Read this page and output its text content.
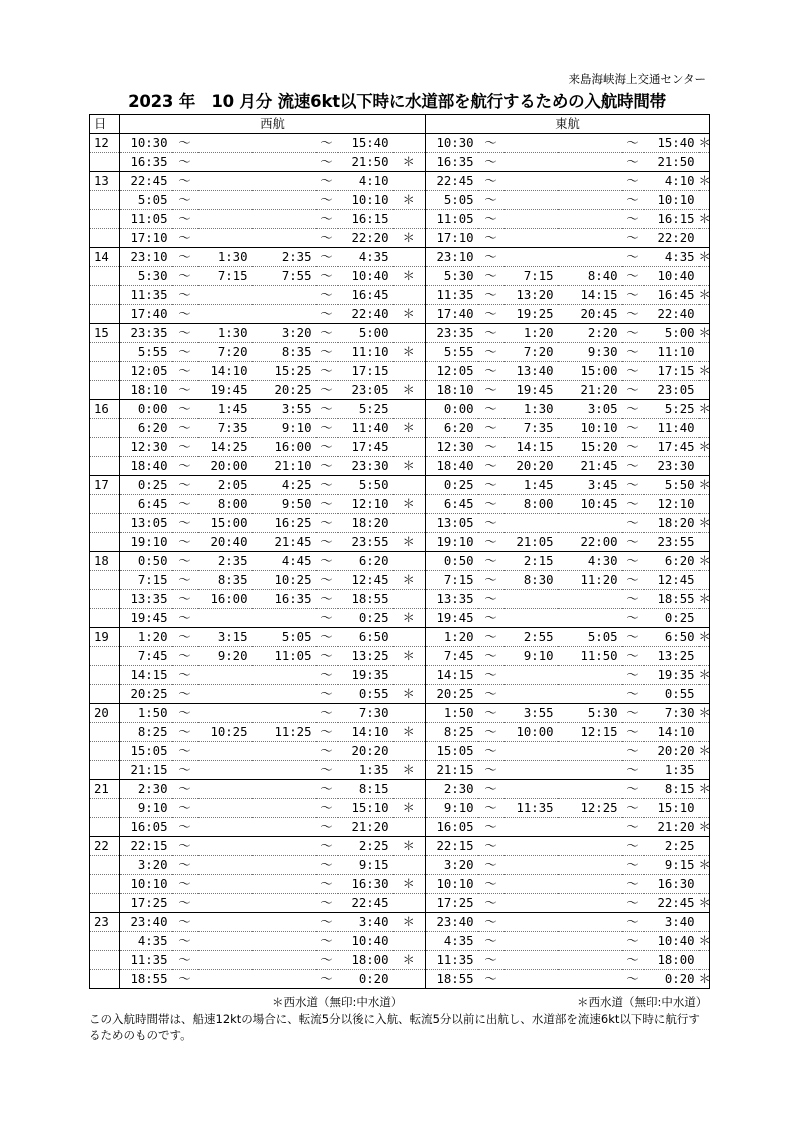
来島海峡海上交通センター
2023 年　10 月分 流速6kt以下時に水道部を航行するための入航時間帯
日	西航							東航						
12	10:30	～			～	15:40		10:30	～			～	15:40	＊
	16:35	～			～	21:50	＊	16:35	～			～	21:50	
13	22:45	～			～	4:10		22:45	～			～	4:10	＊
	5:05	～			～	10:10	＊	5:05	～			～	10:10	
	11:05	～			～	16:15		11:05	～			～	16:15	＊
	17:10	～			～	22:20	＊	17:10	～			～	22:20	
14	23:10	～	1:30	2:35	～	4:35		23:10	～			～	4:35	＊
	5:30	～	7:15	7:55	～	10:40	＊	5:30	～	7:15	8:40	～	10:40	
	11:35	～			～	16:45		11:35	～	13:20	14:15	～	16:45	＊
	17:40	～			～	22:40	＊	17:40	～	19:25	20:45	～	22:40	
15	23:35	～	1:30	3:20	～	5:00		23:35	～	1:20	2:20	～	5:00	＊
	5:55	～	7:20	8:35	～	11:10	＊	5:55	～	7:20	9:30	～	11:10	
	12:05	～	14:10	15:25	～	17:15		12:05	～	13:40	15:00	～	17:15	＊
	18:10	～	19:45	20:25	～	23:05	＊	18:10	～	19:45	21:20	～	23:05	
16	0:00	～	1:45	3:55	～	5:25		0:00	～	1:30	3:05	～	5:25	＊
	6:20	～	7:35	9:10	～	11:40	＊	6:20	～	7:35	10:10	～	11:40	
	12:30	～	14:25	16:00	～	17:45		12:30	～	14:15	15:20	～	17:45	＊
	18:40	～	20:00	21:10	～	23:30	＊	18:40	～	20:20	21:45	～	23:30	
17	0:25	～	2:05	4:25	～	5:50		0:25	～	1:45	3:45	～	5:50	＊
	6:45	～	8:00	9:50	～	12:10	＊	6:45	～	8:00	10:45	～	12:10	
	13:05	～	15:00	16:25	～	18:20		13:05	～			～	18:20	＊
	19:10	～	20:40	21:45	～	23:55	＊	19:10	～	21:05	22:00	～	23:55	
18	0:50	～	2:35	4:45	～	6:20		0:50	～	2:15	4:30	～	6:20	＊
	7:15	～	8:35	10:25	～	12:45	＊	7:15	～	8:30	11:20	～	12:45	
	13:35	～	16:00	16:35	～	18:55		13:35	～			～	18:55	＊
	19:45	～			～	0:25	＊	19:45	～			～	0:25	
19	1:20	～	3:15	5:05	～	6:50		1:20	～	2:55	5:05	～	6:50	＊
	7:45	～	9:20	11:05	～	13:25	＊	7:45	～	9:10	11:50	～	13:25	
	14:15	～			～	19:35		14:15	～			～	19:35	＊
	20:25	～			～	0:55	＊	20:25	～			～	0:55	
20	1:50	～			～	7:30		1:50	～	3:55	5:30	～	7:30	＊
	8:25	～	10:25	11:25	～	14:10	＊	8:25	～	10:00	12:15	～	14:10	
	15:05	～			～	20:20		15:05	～			～	20:20	＊
	21:15	～			～	1:35	＊	21:15	～			～	1:35	
21	2:30	～			～	8:15		2:30	～			～	8:15	＊
	9:10	～			～	15:10	＊	9:10	～	11:35	12:25	～	15:10	
	16:05	～			～	21:20		16:05	～			～	21:20	＊
22	22:15	～			～	2:25	＊	22:15	～			～	2:25	
	3:20	～			～	9:15		3:20	～			～	9:15	＊
	10:10	～			～	16:30	＊	10:10	～			～	16:30	
	17:25	～			～	22:45		17:25	～			～	22:45	＊
23	23:40	～			～	3:40	＊	23:40	～			～	3:40	
	4:35	～			～	10:40		4:35	～			～	10:40	＊
	11:35	～			～	18:00	＊	11:35	～			～	18:00	
	18:55	～			～	0:20		18:55	～			～	0:20	＊
＊西水道（無印:中水道）	＊西水道（無印:中水道）
この入航時間帯は、船速12ktの場合に、転流5分以後に入航、転流5分以前に出航し、水道部を流速6kt以下時に航行するためのものです。
